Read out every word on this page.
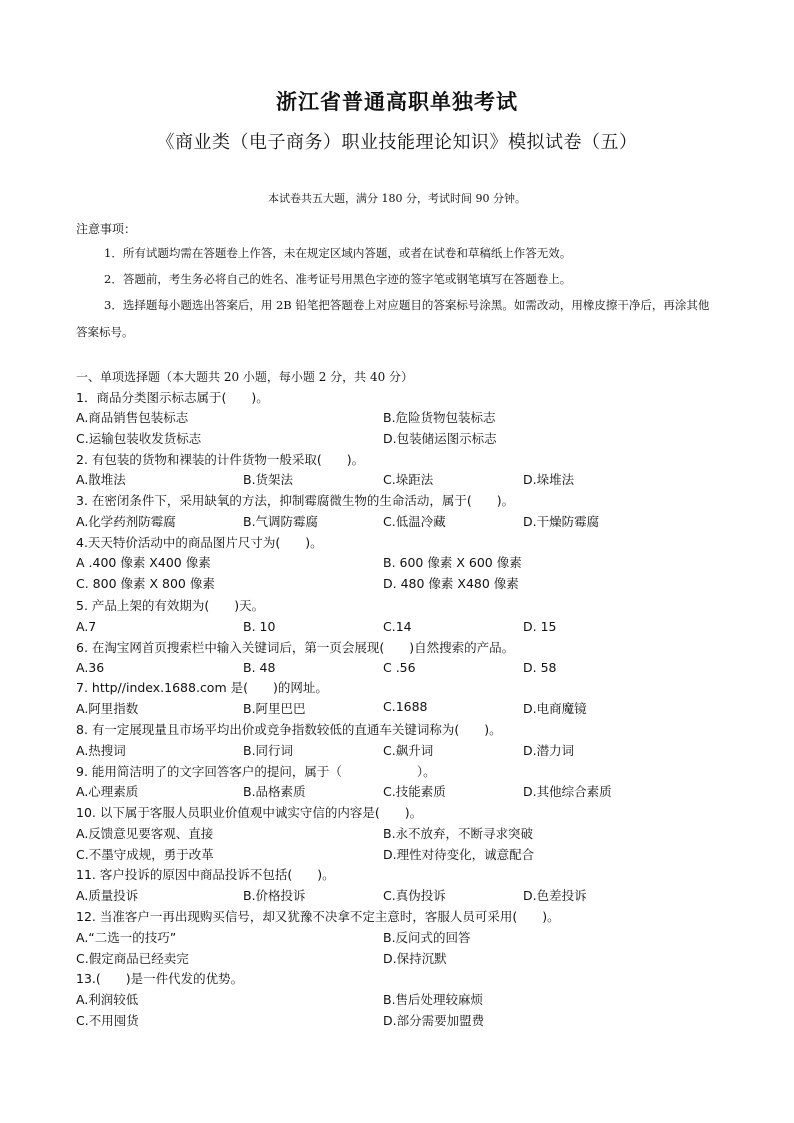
浙江省普通高职单独考试
《商业类（电子商务）职业技能理论知识》模拟试卷（五）
本试卷共五大题，满分 180 分，考试时间 90 分钟。
注意事项：

1．所有试题均需在答题卷上作答，未在规定区域内答题，或者在试卷和草稿纸上作答无效。

2．答题前，考生务必将自己的姓名、准考证号用黑色字迹的签字笔或钢笔填写在答题卷上。

3．选择题每小题选出答案后，用 2B 铅笔把答题卷上对应题目的答案标号涂黑。如需改动，用橡皮擦干净后，再涂其他答案标号。

一、单项选择题（本大题共 20 小题，每小题 2 分，共 40 分）
1．商品分类图示标志属于(　　)。
A.商品销售包装标志	B.危险货物包装标志
C.运输包装收发货标志	D.包装储运图示标志
2. 有包装的货物和裸装的计件货物一般采取(　　)。
A.散堆法	B.货架法	C.垛距法	D.垛堆法
3. 在密闭条件下，采用缺氧的方法，抑制霉腐微生物的生命活动，属于(　　)。
A.化学药剂防霉腐	B.气调防霉腐	C.低温冷藏	D.干燥防霉腐
4.天天特价活动中的商品图片尺寸为(　　)。
A .400 像素 X400 像素	B. 600 像素 X 600 像素
C. 800 像素 X 800 像素	D. 480 像素 X480 像素
5. 产品上架的有效期为(　　)天。
A.7	B. 10	C.14	D. 15
6. 在淘宝网首页搜索栏中输入关键词后，第一页会展现(　　)自然搜索的产品。
A.36	B. 48	C .56	D. 58
7. http//index.1688.com 是(　　)的网址。
A.阿里指数	B.阿里巴巴	C.1688	D.电商魔镜
8. 有一定展现量且市场平均出价或竞争指数较低的直通车关键词称为(　　)。
A.热搜词	B.同行词	C.飙升词	D.潜力词
9. 能用简洁明了的文字回答客户的提问，属于（　　　　　　）。
A.心理素质	B.品格素质	C.技能素质	D.其他综合素质
10. 以下属于客服人员职业价值观中诚实守信的内容是(　　)。
A.反馈意见要客观、直接	B.永不放弃，不断寻求突破
C.不墨守成规，勇于改革	D.理性对待变化，诚意配合
11. 客户投诉的原因中商品投诉不包括(　　)。
A.质量投诉	B.价格投诉	C.真伪投诉	D.色差投诉
12. 当准客户一再出现购买信号，却又犹豫不决拿不定主意时，客服人员可采用(　　)。
A.“二选一的技巧”	B.反问式的回答
C.假定商品已经卖完	D.保持沉默
13.(　　)是一件代发的优势。
A.利润较低	B.售后处理较麻烦
C.不用囤货	D.部分需要加盟费
